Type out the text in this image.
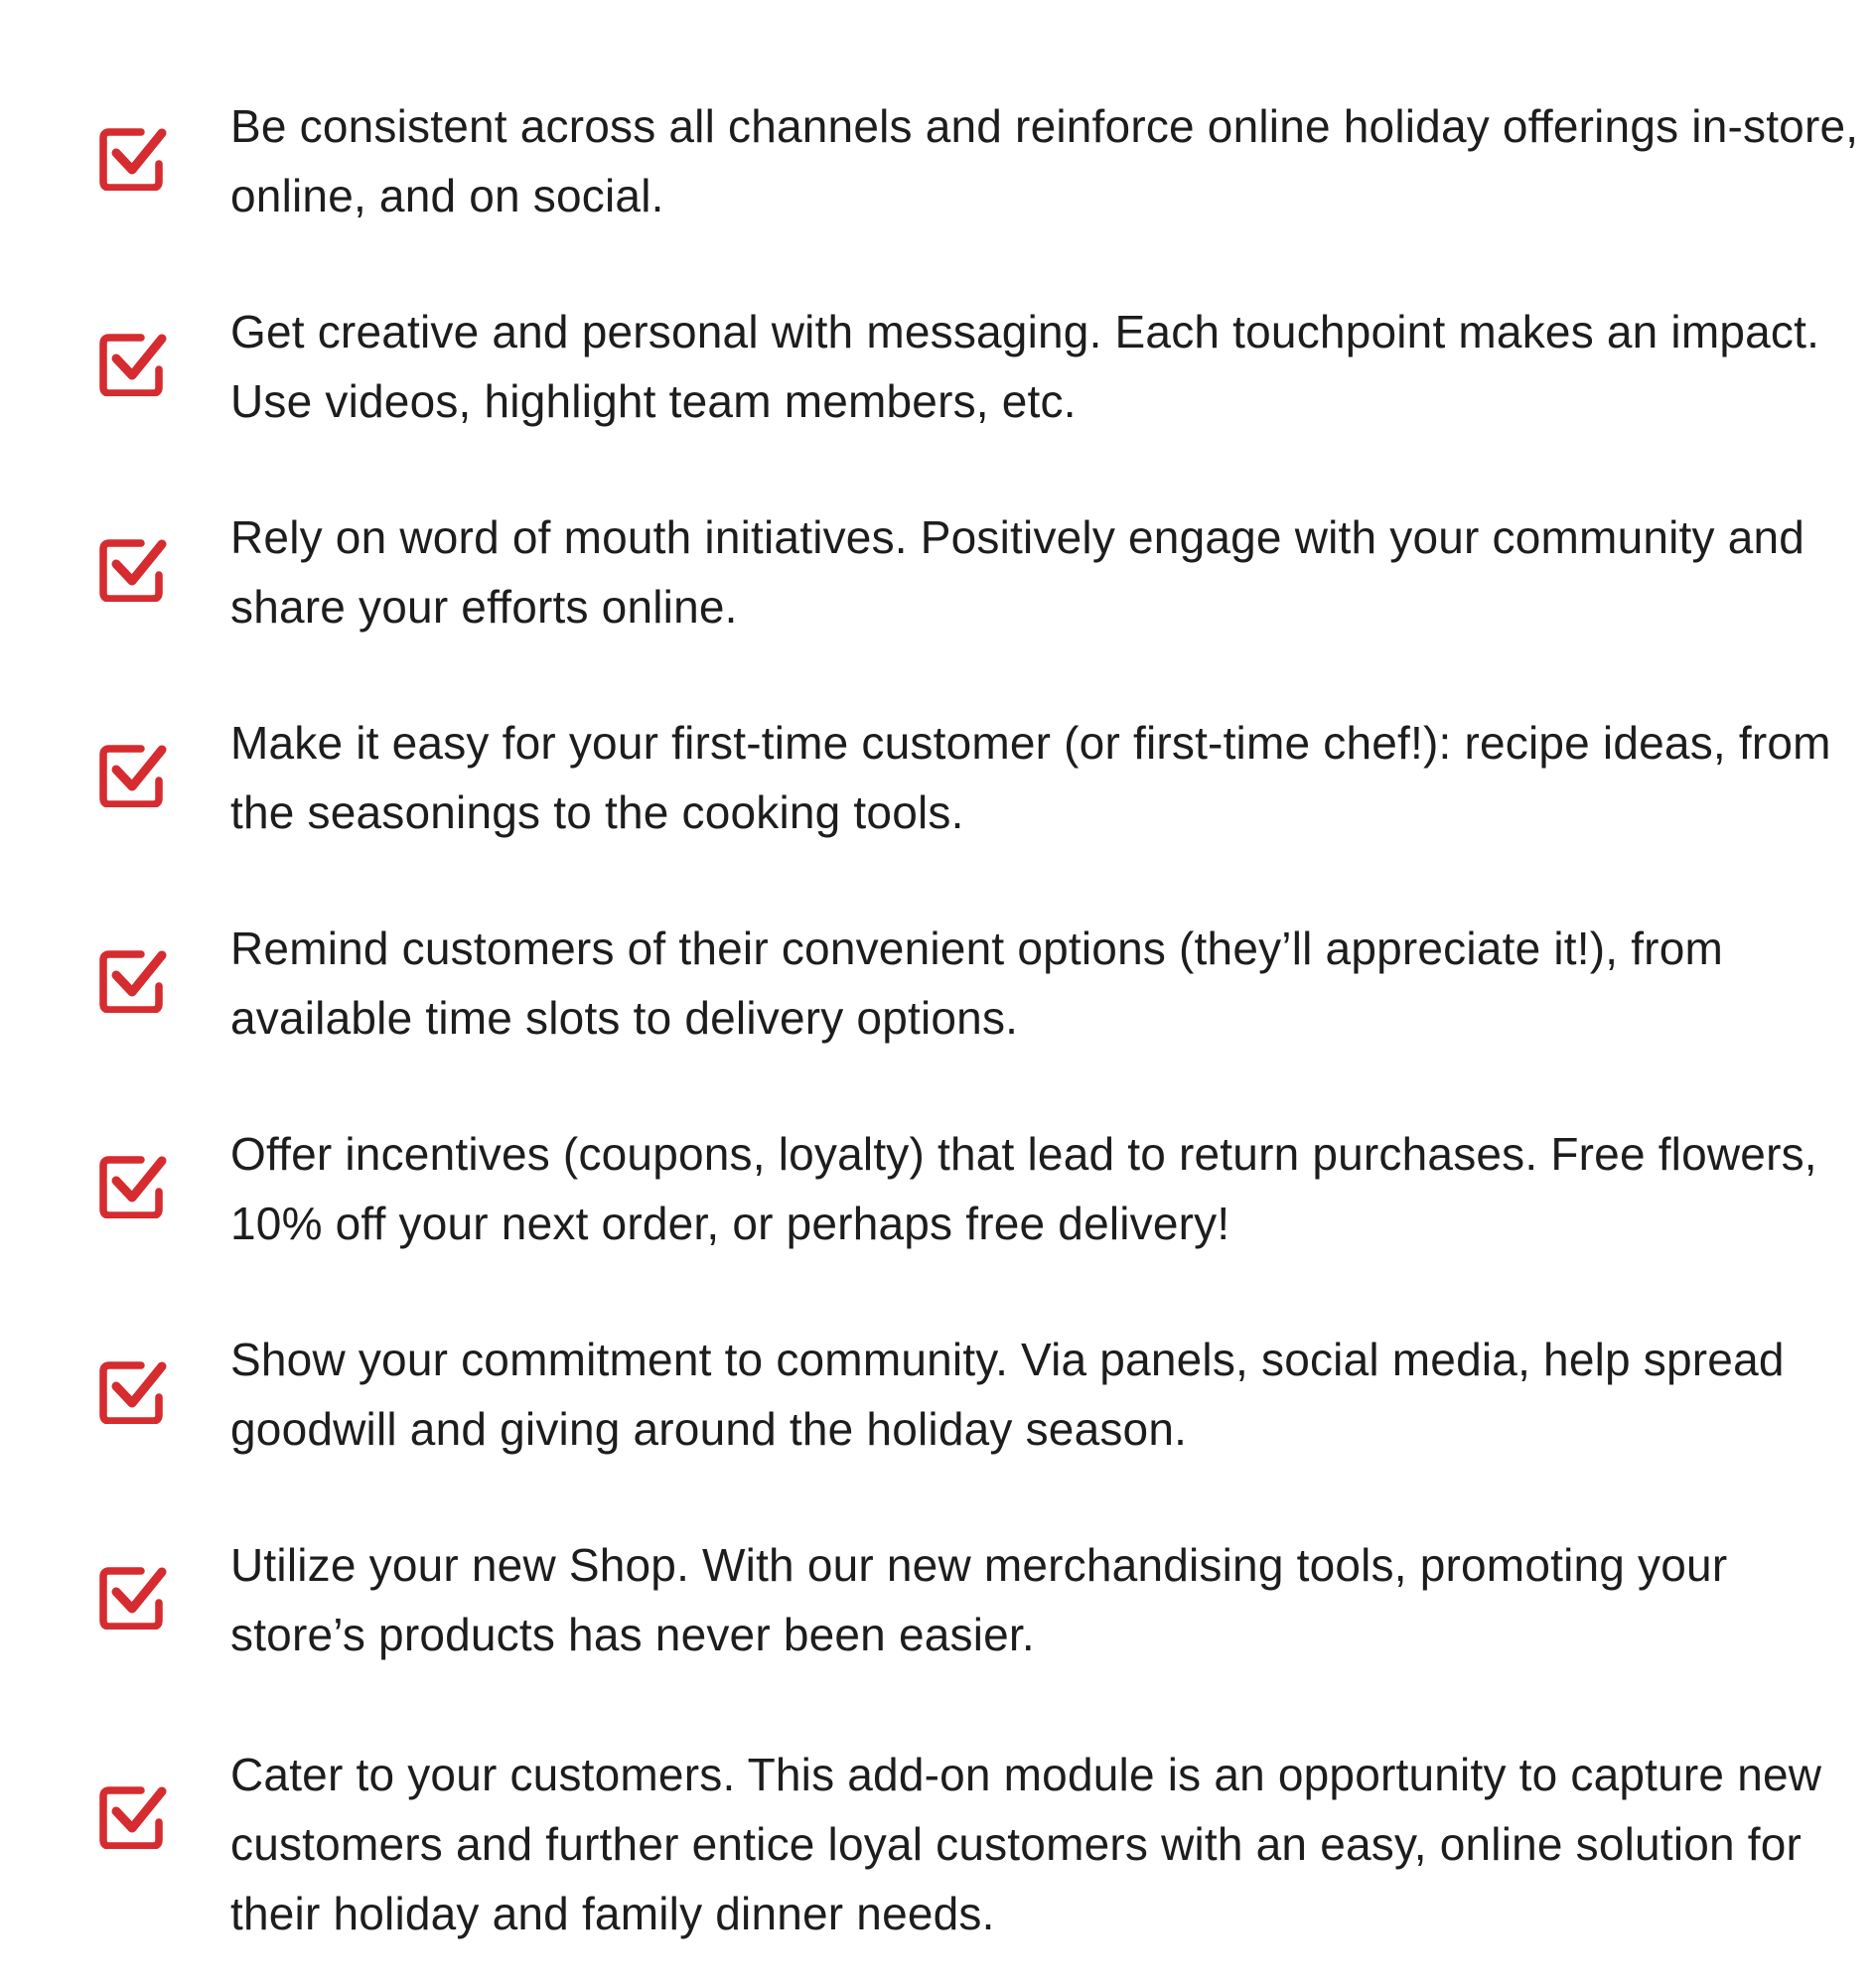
Be consistent across all channels and reinforce online holiday offerings in-store, online, and on social.

Get creative and personal with messaging. Each touchpoint makes an impact. Use videos, highlight team members, etc.

Rely on word of mouth initiatives. Positively engage with your community and share your efforts online.

Make it easy for your first-time customer (or first-time chef!): recipe ideas, from the seasonings to the cooking tools.

Remind customers of their convenient options (they’ll appreciate it!), from available time slots to delivery options.

Offer incentives (coupons, loyalty) that lead to return purchases. Free flowers, 10% off your next order, or perhaps free delivery!

Show your commitment to community. Via panels, social media, help spread goodwill and giving around the holiday season.

Utilize your new Shop. With our new merchandising tools, promoting your store’s products has never been easier.

Cater to your customers. This add-on module is an opportunity to capture new customers and further entice loyal customers with an easy, online solution for their holiday and family dinner needs.
